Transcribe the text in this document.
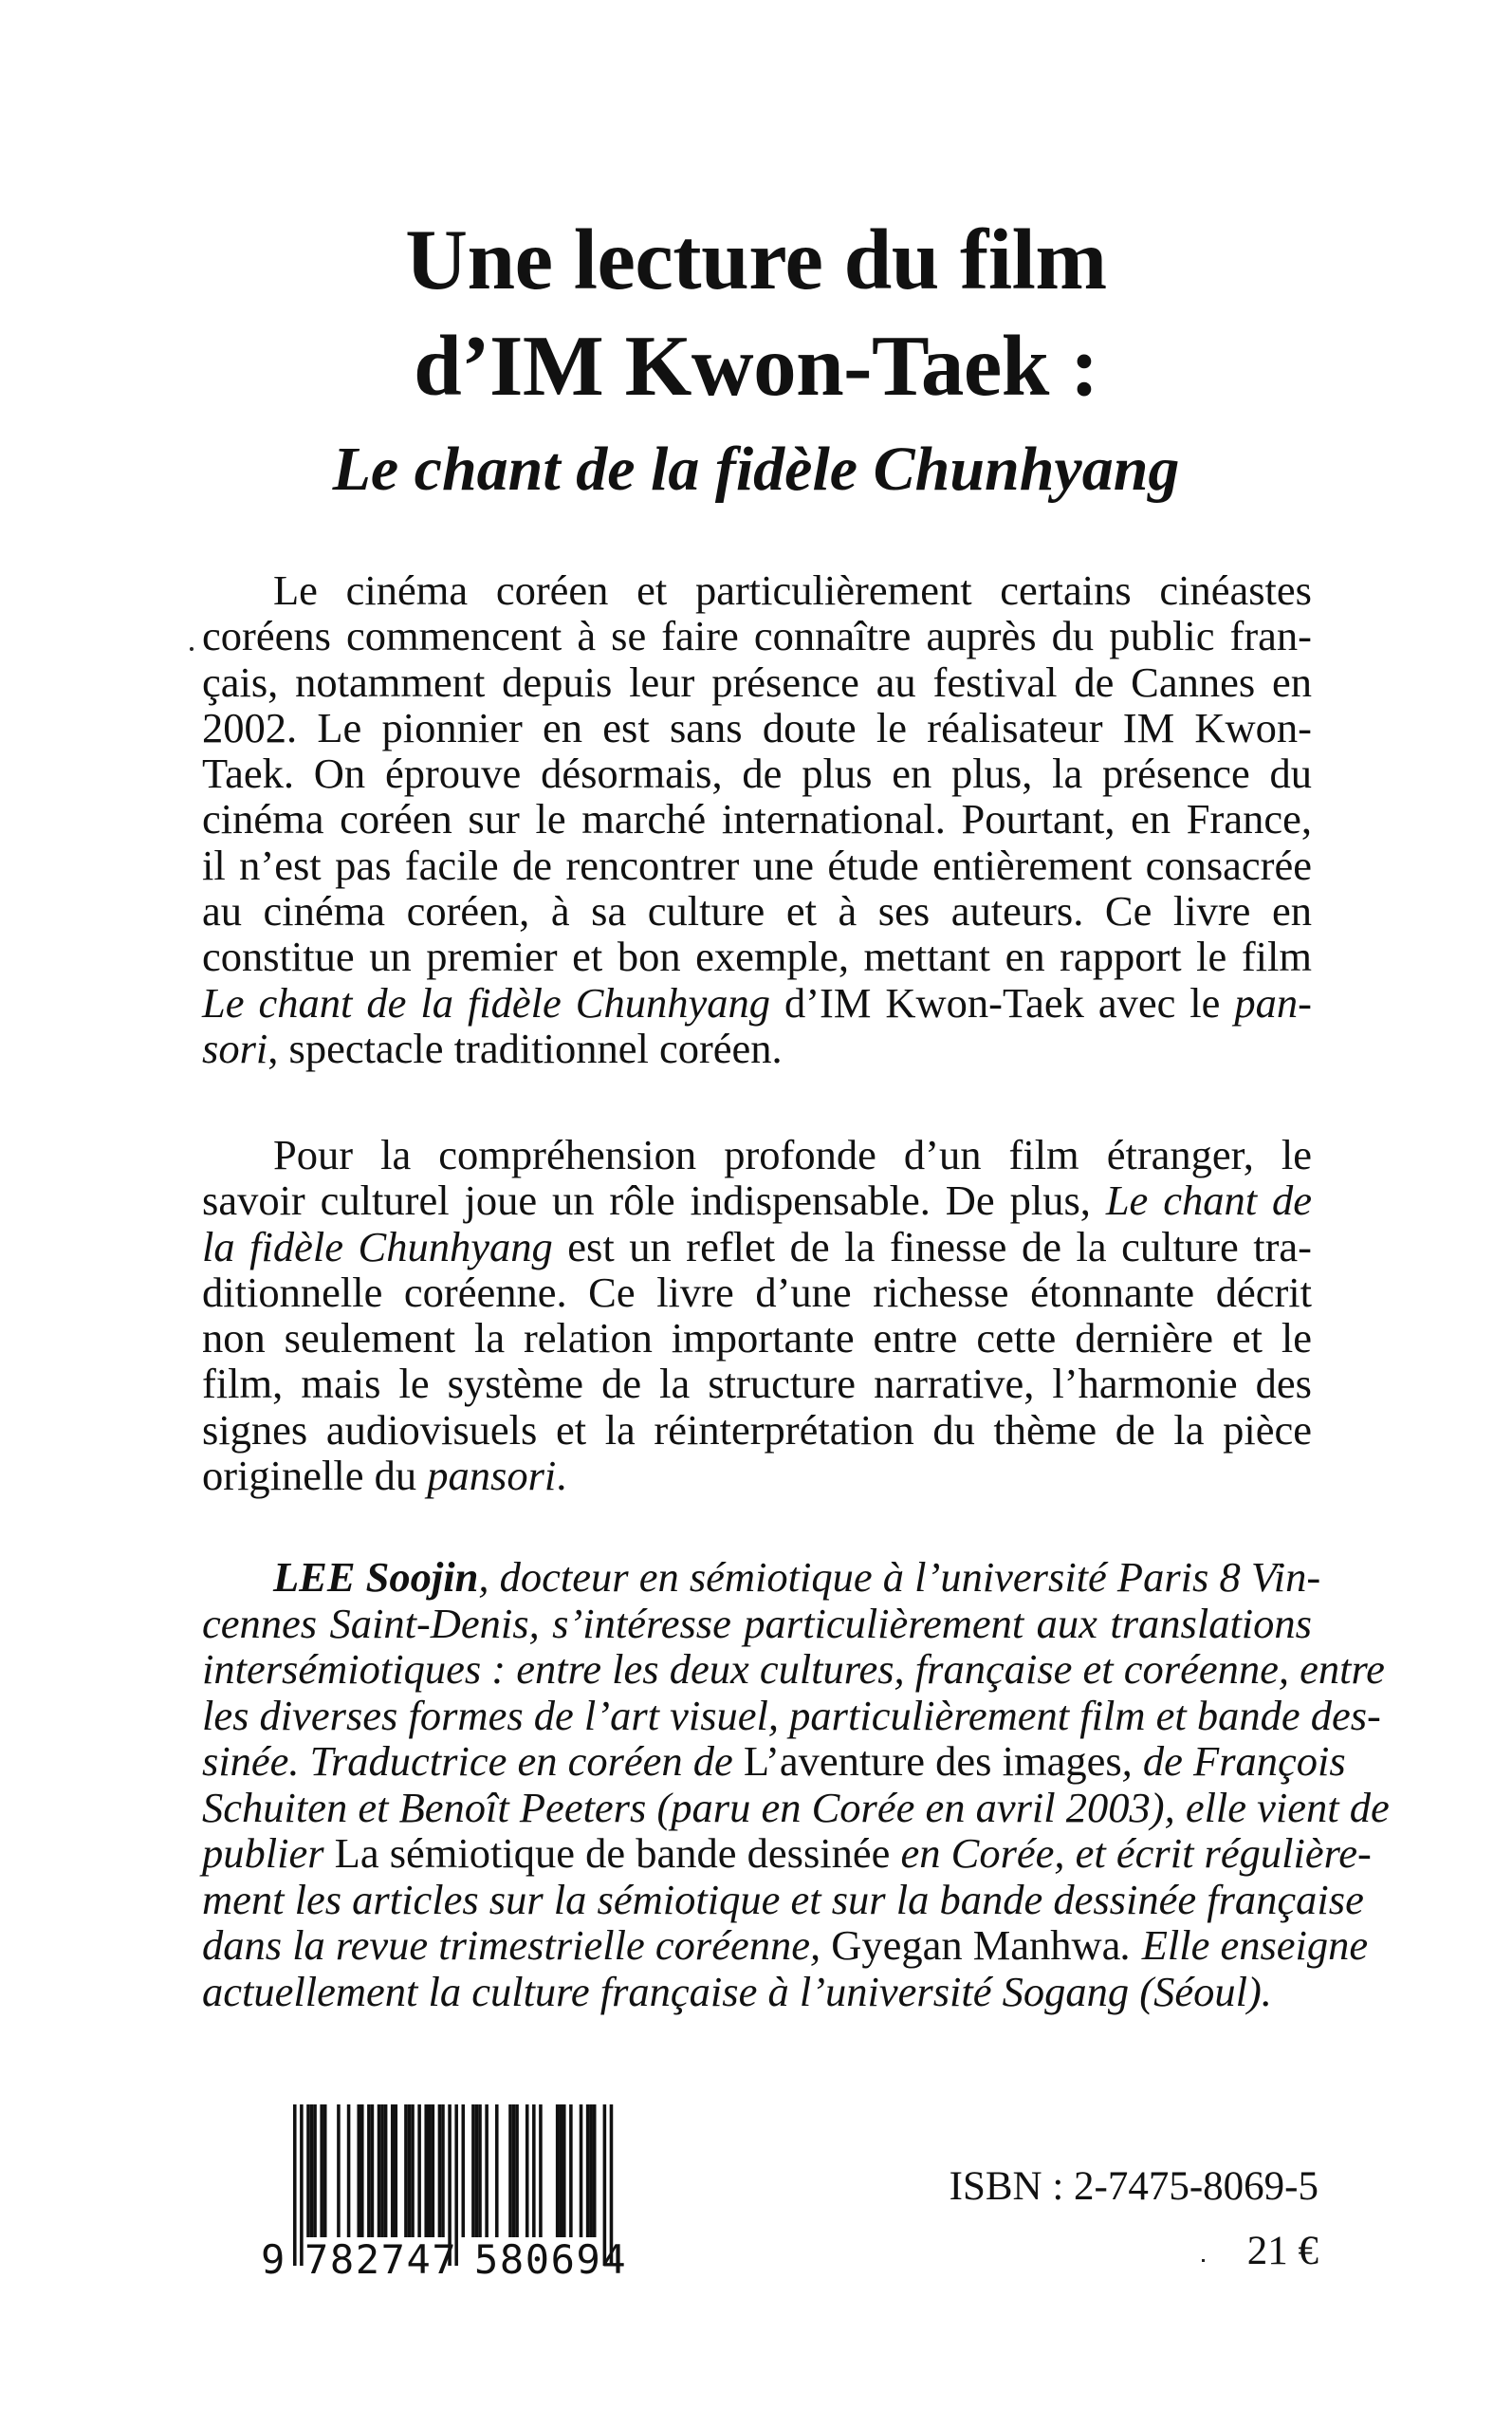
Une lecture du film
d’IM Kwon-Taek :
Le chant de la fidèle Chunhyang
Le cinéma coréen et particulièrement certains cinéastes
coréens commencent à se faire connaître auprès du public fran-
çais, notamment depuis leur présence au festival de Cannes en
2002. Le pionnier en est sans doute le réalisateur IM Kwon-
Taek. On éprouve désormais, de plus en plus, la présence du
cinéma coréen sur le marché international. Pourtant, en France,
il n’est pas facile de rencontrer une étude entièrement consacrée
au cinéma coréen, à sa culture et à ses auteurs. Ce livre en
constitue un premier et bon exemple, mettant en rapport le film
Le chant de la fidèle Chunhyang d’IM Kwon-Taek avec le pan-
sori, spectacle traditionnel coréen.
Pour la compréhension profonde d’un film étranger, le
savoir culturel joue un rôle indispensable. De plus, Le chant de
la fidèle Chunhyang est un reflet de la finesse de la culture tra-
ditionnelle coréenne. Ce livre d’une richesse étonnante décrit
non seulement la relation importante entre cette dernière et le
film, mais le système de la structure narrative, l’harmonie des
signes audiovisuels et la réinterprétation du thème de la pièce
originelle du pansori.
LEE Soojin, docteur en sémiotique à l’université Paris 8 Vin-
cennes Saint-Denis, s’intéresse particulièrement aux translations
intersémiotiques : entre les deux cultures, française et coréenne, entre
les diverses formes de l’art visuel, particulièrement film et bande des-
sinée. Traductrice en coréen de L’aventure des images, de François
Schuiten et Benoît Peeters (paru en Corée en avril 2003), elle vient de
publier La sémiotique de bande dessinée en Corée, et écrit régulière-
ment les articles sur la sémiotique et sur la bande dessinée française
dans la revue trimestrielle coréenne, Gyegan Manhwa. Elle enseigne
actuellement la culture française à l’université Sogang (Séoul).
9 782747 580694

ISBN : 2-7475-8069-5

21 €
